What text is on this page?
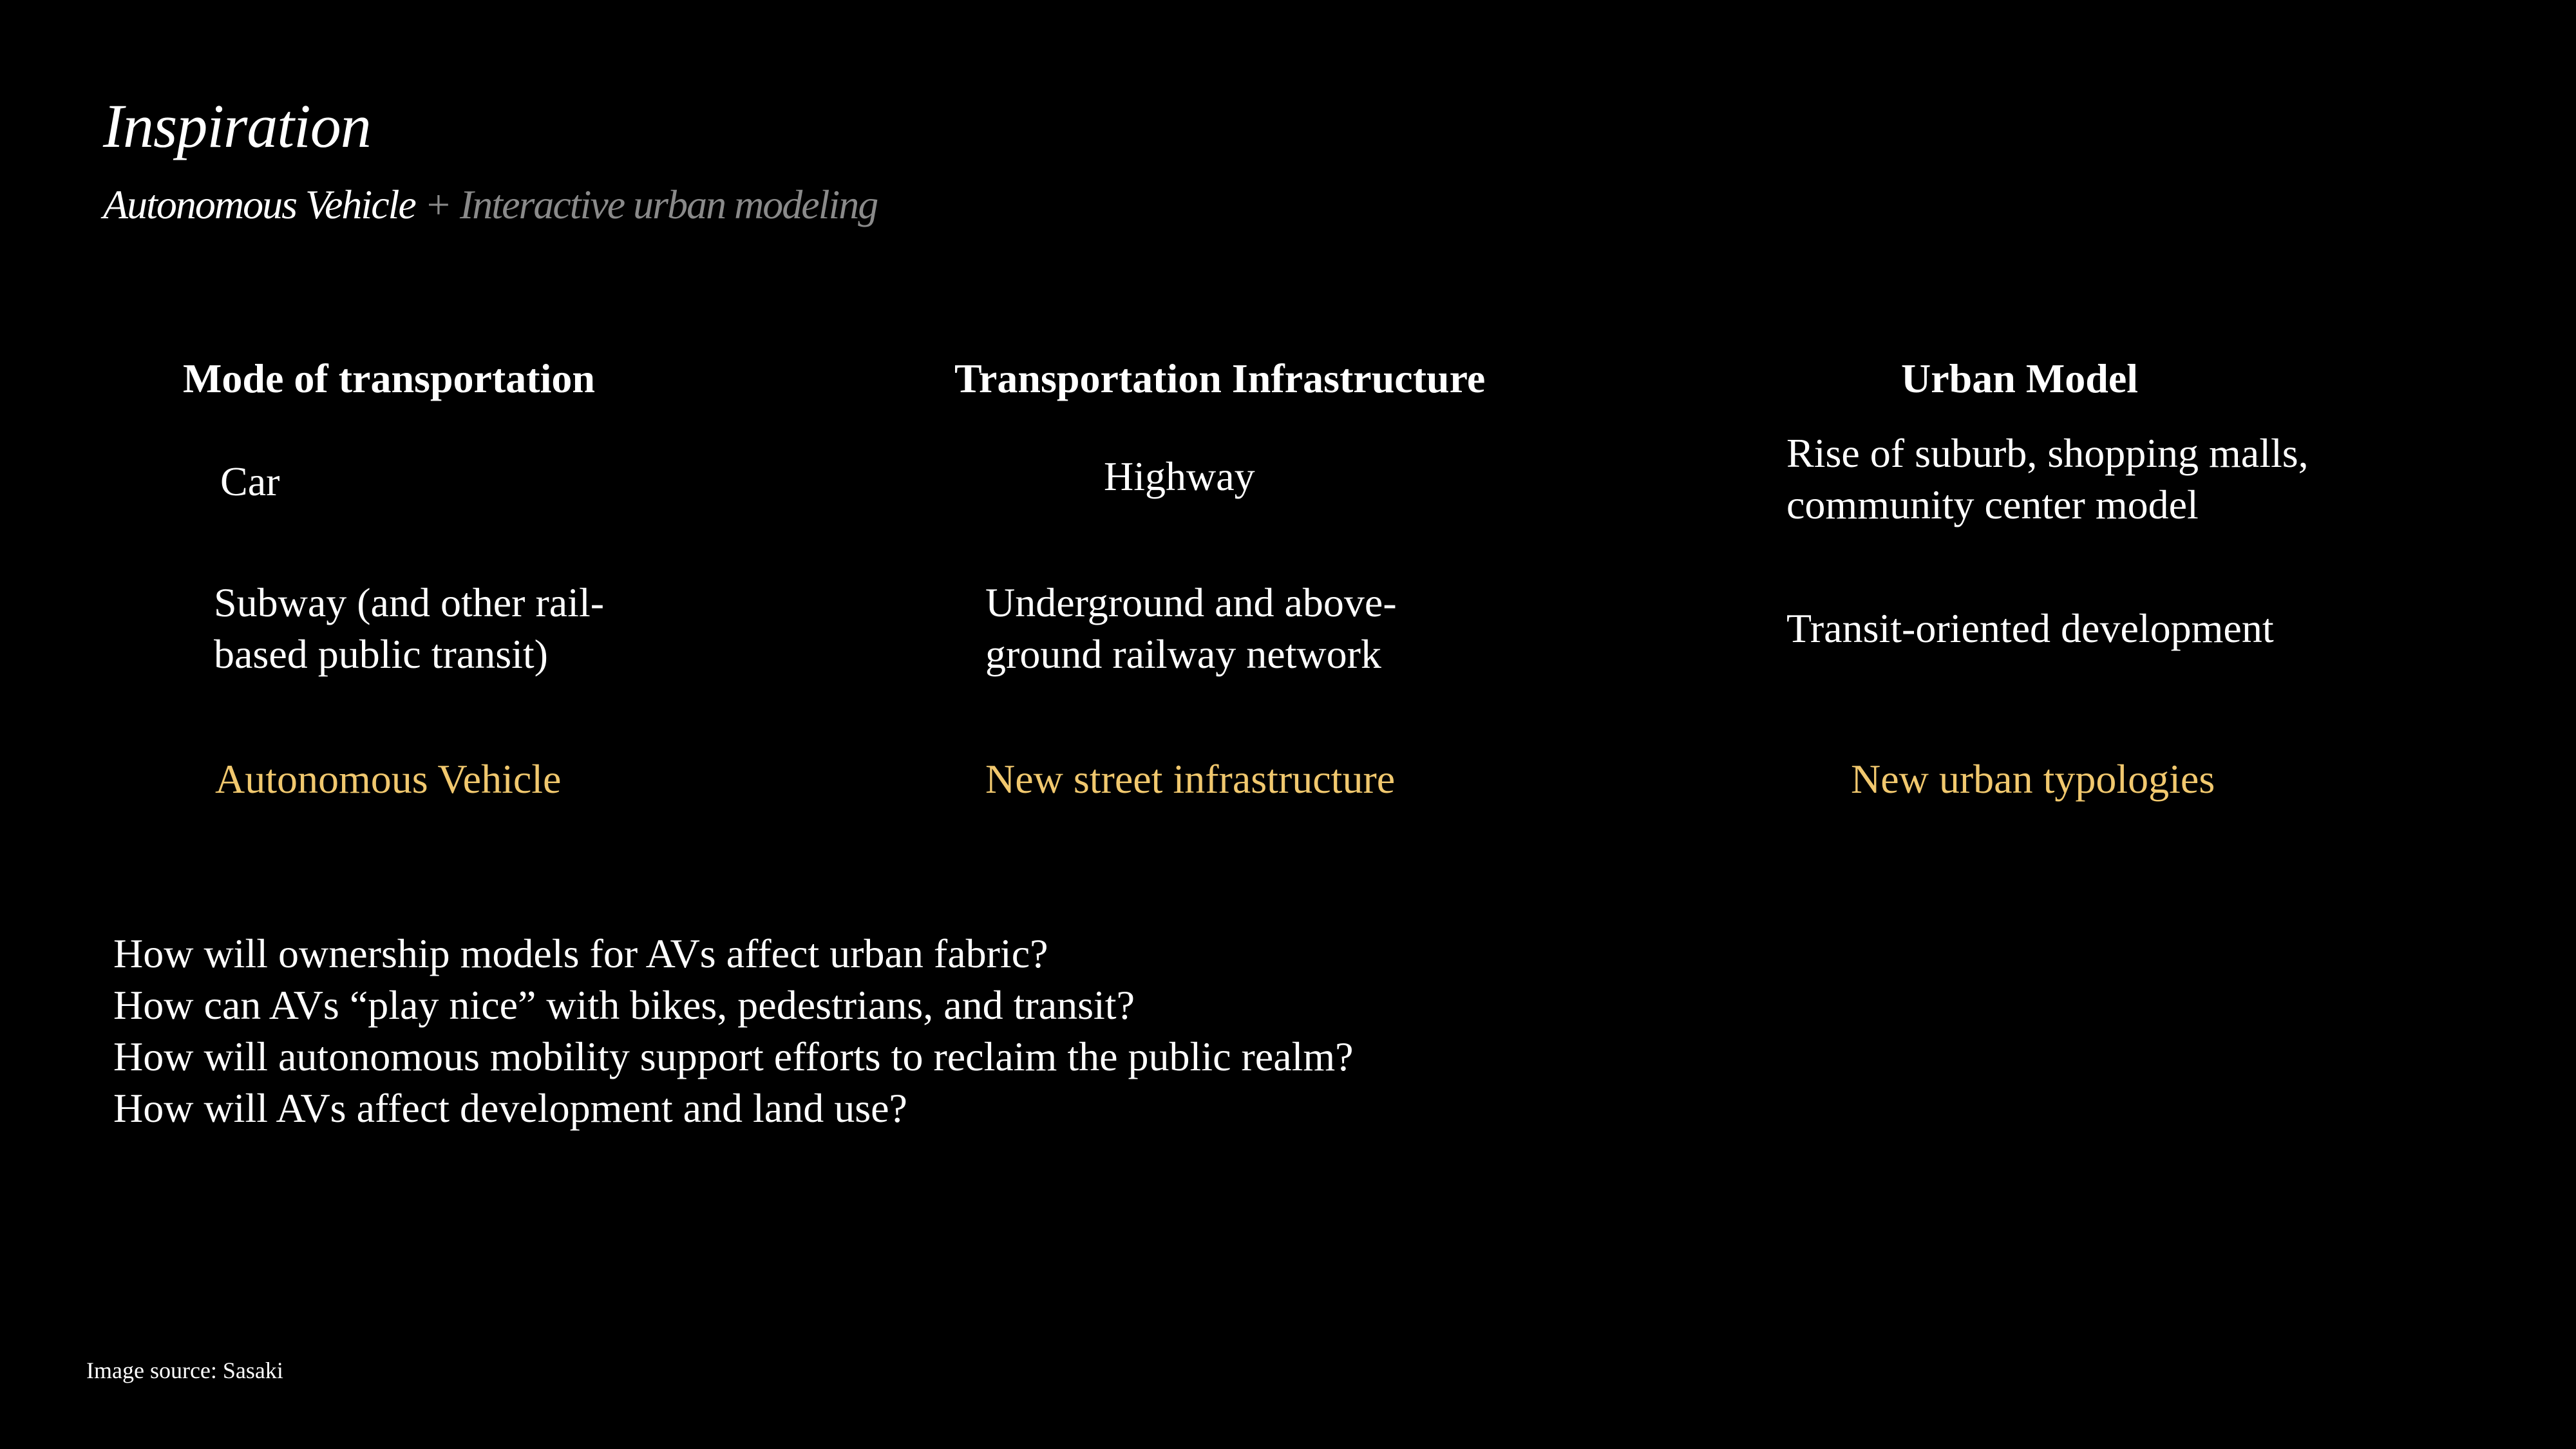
Inspiration
Autonomous Vehicle + Interactive urban modeling
Mode of transportation
Car
Subway (and other rail-
based public transit)
Autonomous Vehicle
Transportation Infrastructure
Highway
Underground and above-
ground railway network
New street infrastructure
Urban Model
Rise of suburb, shopping malls,
community center model
Transit-oriented development
New urban typologies
How will ownership models for AVs affect urban fabric?
How can AVs “play nice” with bikes, pedestrians, and transit?
How will autonomous mobility support efforts to reclaim the public realm?
How will AVs affect development and land use?
Image source: Sasaki
